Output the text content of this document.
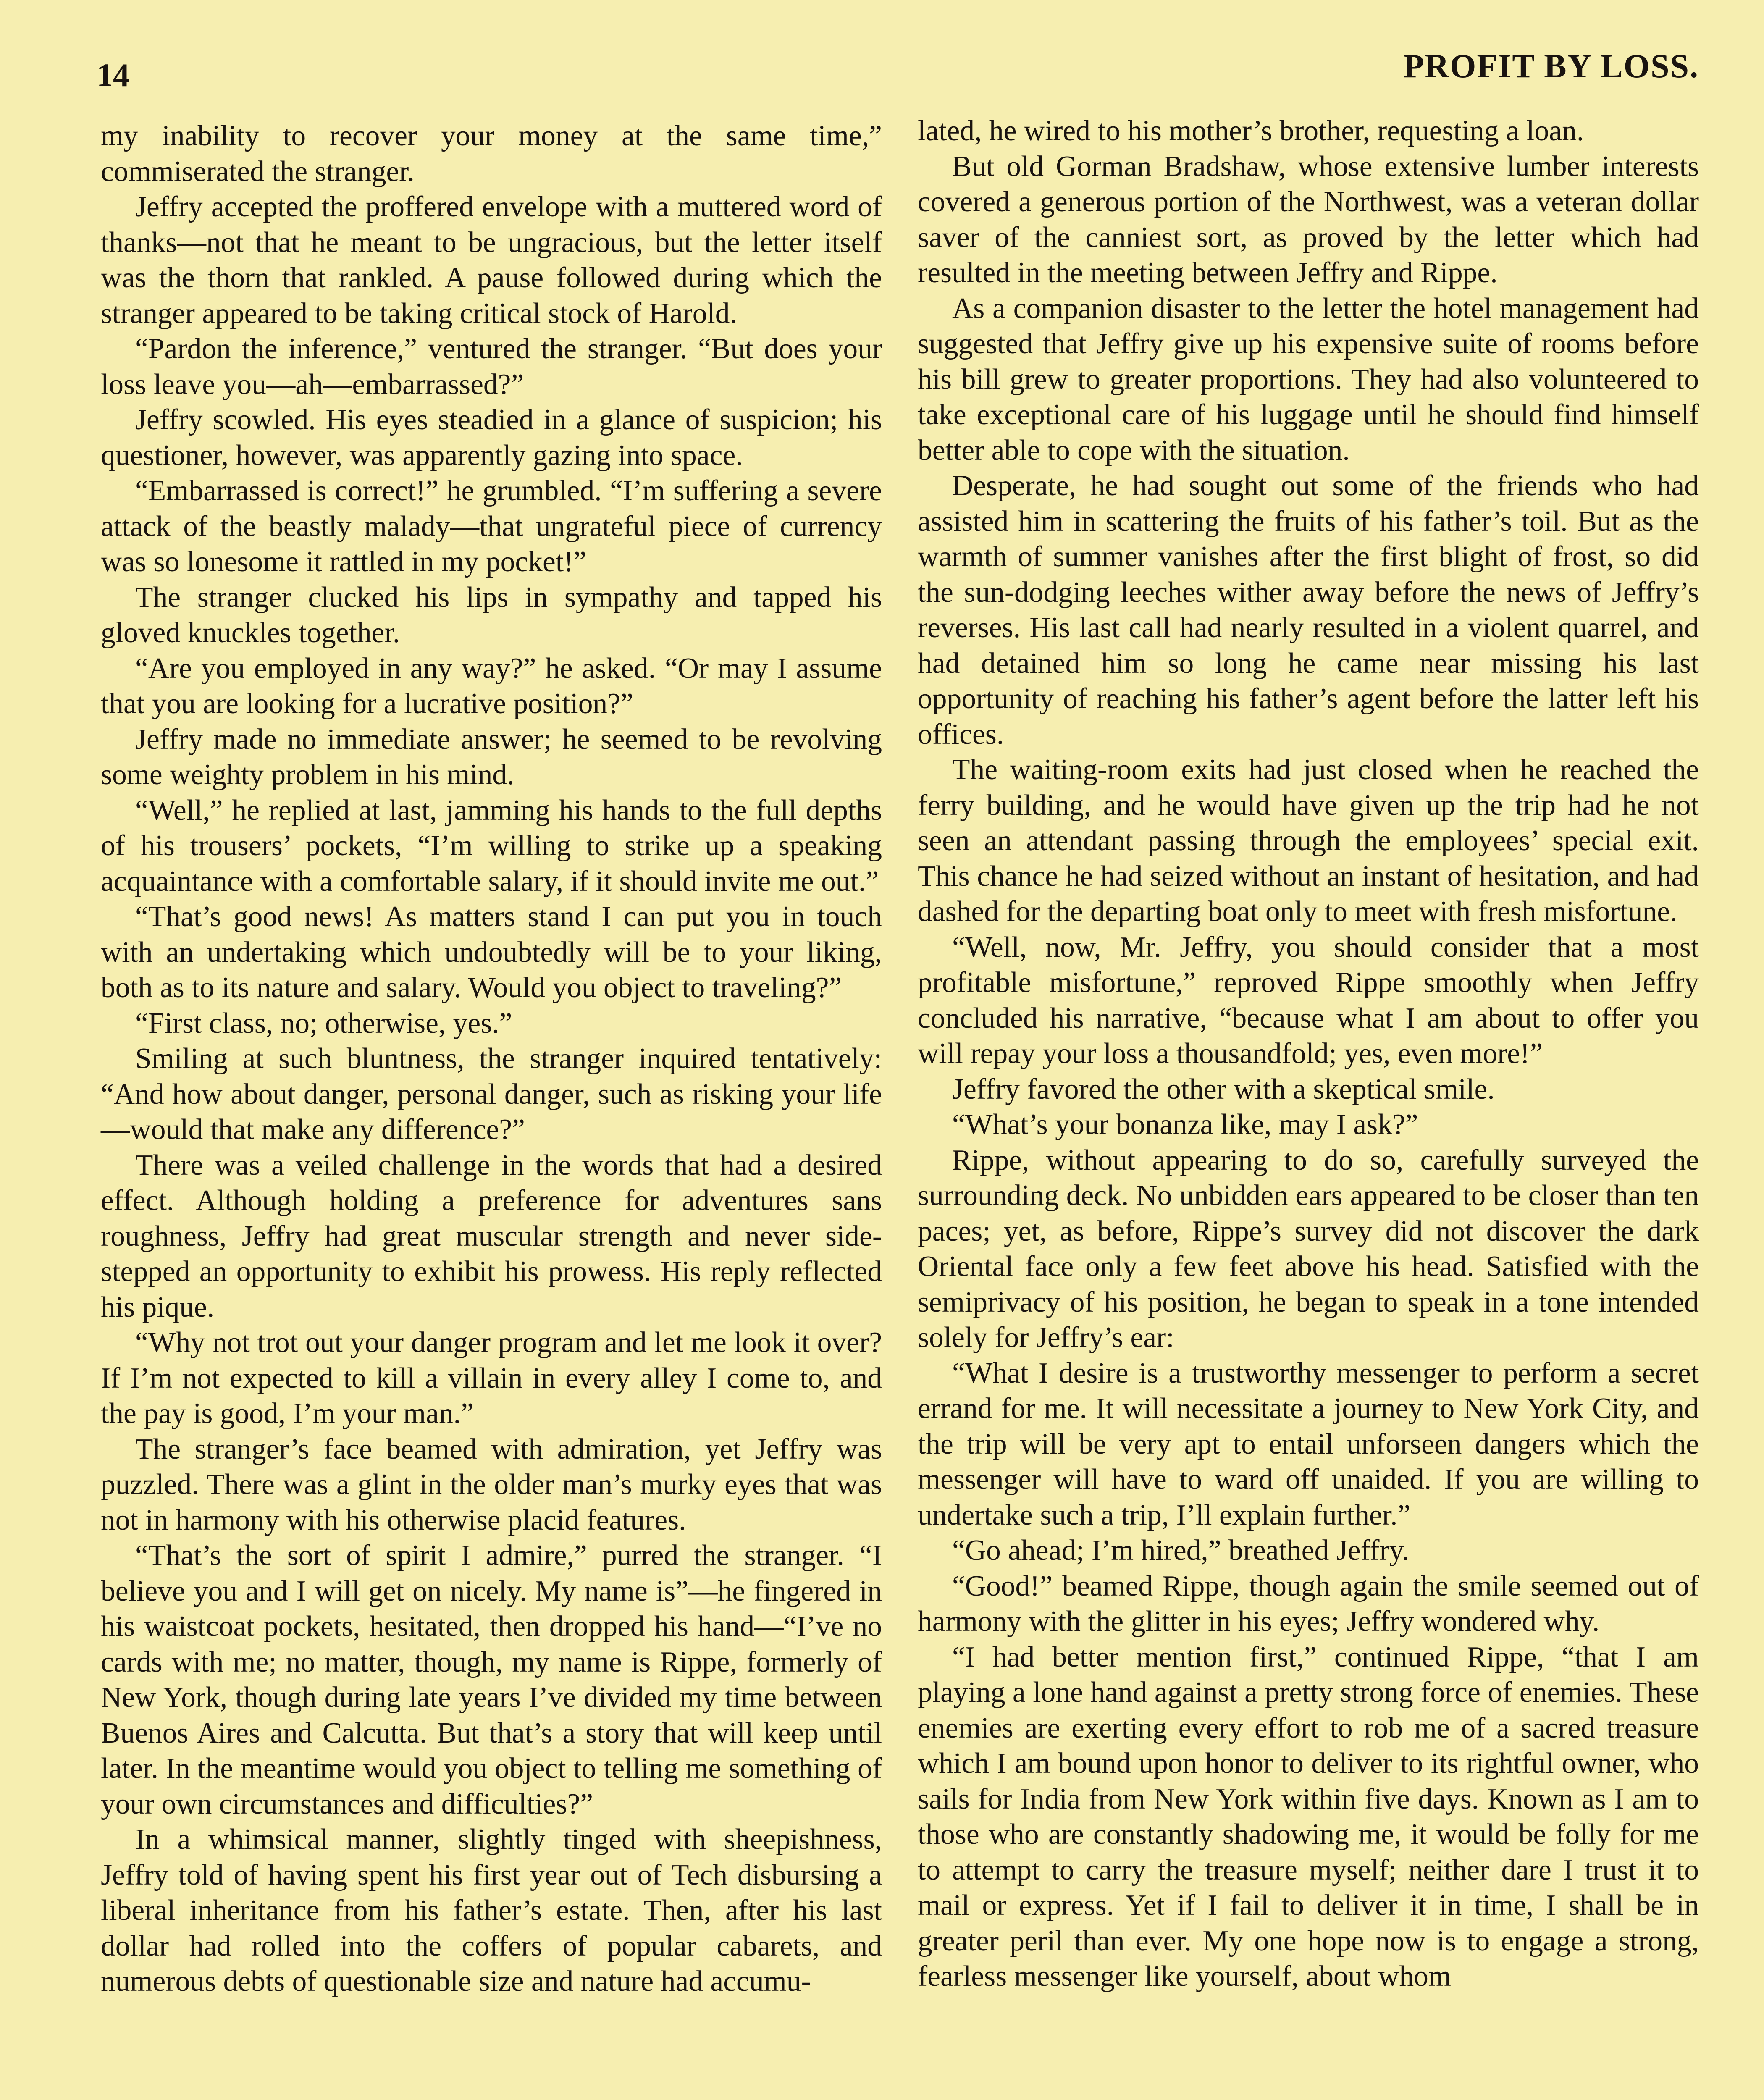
14	PROFIT BY LOSS.

my inability to recover your money at the same time,” commiserated the stranger.

Jeffry accepted the proffered envelope with a muttered word of thanks—not that he meant to be ungracious, but the letter itself was the thorn that rankled. A pause followed during which the stranger appeared to be taking critical stock of Harold.

“Pardon the inference,” ventured the stranger. “But does your loss leave you—ah—embarrassed?”

Jeffry scowled. His eyes steadied in a glance of suspicion; his questioner, however, was apparently gazing into space.

“Embarrassed is correct!” he grumbled. “I’m suffering a severe attack of the beastly malady—that ungrateful piece of currency was so lonesome it rattled in my pocket!”

The stranger clucked his lips in sympathy and tapped his gloved knuckles together.

“Are you employed in any way?” he asked. “Or may I assume that you are looking for a lucrative position?”

Jeffry made no immediate answer; he seemed to be revolving some weighty problem in his mind.

“Well,” he replied at last, jamming his hands to the full depths of his trousers’ pockets, “I’m willing to strike up a speaking acquaintance with a comfortable salary, if it should invite me out.”

“That’s good news! As matters stand I can put you in touch with an undertaking which undoubtedly will be to your liking, both as to its nature and salary. Would you object to traveling?”

“First class, no; otherwise, yes.”

Smiling at such bluntness, the stranger inquired tentatively: “And how about danger, personal danger, such as risking your life—would that make any difference?”

There was a veiled challenge in the words that had a desired effect. Although holding a preference for adventures sans roughness, Jeffry had great muscular strength and never side-stepped an opportunity to exhibit his prowess. His reply reflected his pique.

“Why not trot out your danger program and let me look it over? If I’m not expected to kill a villain in every alley I come to, and the pay is good, I’m your man.”

The stranger’s face beamed with admiration, yet Jeffry was puzzled. There was a glint in the older man’s murky eyes that was not in harmony with his otherwise placid features.

“That’s the sort of spirit I admire,” purred the stranger. “I believe you and I will get on nicely. My name is”—he fingered in his waistcoat pockets, hesitated, then dropped his hand—“I’ve no cards with me; no matter, though, my name is Rippe, formerly of New York, though during late years I’ve divided my time between Buenos Aires and Calcutta. But that’s a story that will keep until later. In the meantime would you object to telling me something of your own circumstances and difficulties?”

In a whimsical manner, slightly tinged with sheepishness, Jeffry told of having spent his first year out of Tech disbursing a liberal inheritance from his father’s estate. Then, after his last dollar had rolled into the coffers of popular cabarets, and numerous debts of questionable size and nature had accumu-

lated, he wired to his mother’s brother, requesting a loan.

But old Gorman Bradshaw, whose extensive lumber interests covered a generous portion of the Northwest, was a veteran dollar saver of the canniest sort, as proved by the letter which had resulted in the meeting between Jeffry and Rippe.

As a companion disaster to the letter the hotel management had suggested that Jeffry give up his expensive suite of rooms before his bill grew to greater proportions. They had also volunteered to take exceptional care of his luggage until he should find himself better able to cope with the situation.

Desperate, he had sought out some of the friends who had assisted him in scattering the fruits of his father’s toil. But as the warmth of summer vanishes after the first blight of frost, so did the sun-dodging leeches wither away before the news of Jeffry’s reverses. His last call had nearly resulted in a violent quarrel, and had detained him so long he came near missing his last opportunity of reaching his father’s agent before the latter left his offices.

The waiting-room exits had just closed when he reached the ferry building, and he would have given up the trip had he not seen an attendant passing through the employees’ special exit. This chance he had seized without an instant of hesitation, and had dashed for the departing boat only to meet with fresh misfortune.

“Well, now, Mr. Jeffry, you should consider that a most profitable misfortune,” reproved Rippe smoothly when Jeffry concluded his narrative, “because what I am about to offer you will repay your loss a thousandfold; yes, even more!”

Jeffry favored the other with a skeptical smile.

“What’s your bonanza like, may I ask?”

Rippe, without appearing to do so, carefully surveyed the surrounding deck. No unbidden ears appeared to be closer than ten paces; yet, as before, Rippe’s survey did not discover the dark Oriental face only a few feet above his head. Satisfied with the semiprivacy of his position, he began to speak in a tone intended solely for Jeffry’s ear:

“What I desire is a trustworthy messenger to perform a secret errand for me. It will necessitate a journey to New York City, and the trip will be very apt to entail unforseen dangers which the messenger will have to ward off unaided. If you are willing to undertake such a trip, I’ll explain further.”

“Go ahead; I’m hired,” breathed Jeffry.

“Good!” beamed Rippe, though again the smile seemed out of harmony with the glitter in his eyes; Jeffry wondered why.

“I had better mention first,” continued Rippe, “that I am playing a lone hand against a pretty strong force of enemies. These enemies are exerting every effort to rob me of a sacred treasure which I am bound upon honor to deliver to its rightful owner, who sails for India from New York within five days. Known as I am to those who are constantly shadowing me, it would be folly for me to attempt to carry the treasure myself; neither dare I trust it to mail or express. Yet if I fail to deliver it in time, I shall be in greater peril than ever. My one hope now is to engage a strong, fearless messenger like yourself, about whom
